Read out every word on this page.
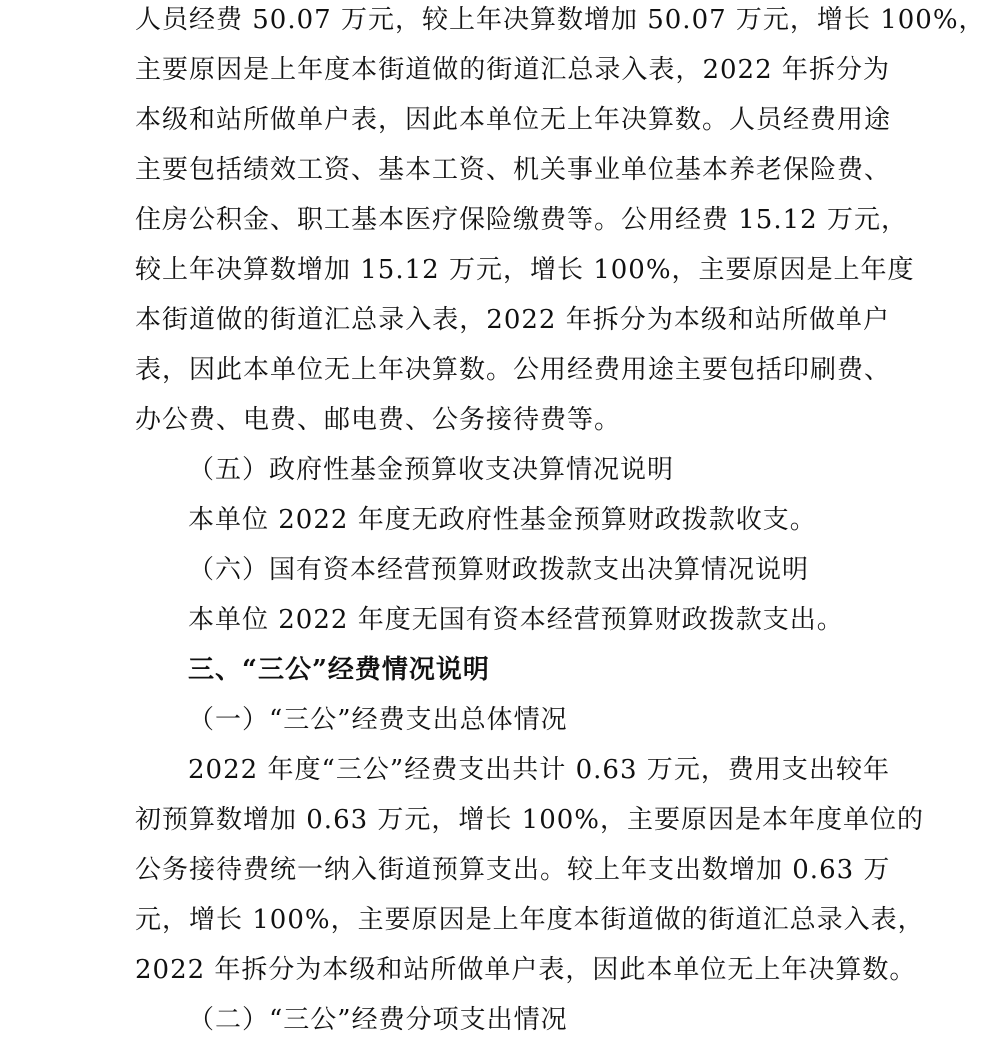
人员经费 50.07 万元，较上年决算数增加 50.07 万元，增长 100%，
主要原因是上年度本街道做的街道汇总录入表，2022 年拆分为
本级和站所做单户表，因此本单位无上年决算数。人员经费用途
主要包括绩效工资、基本工资、机关事业单位基本养老保险费、
住房公积金、职工基本医疗保险缴费等。公用经费 15.12 万元，
较上年决算数增加 15.12 万元，增长 100%，主要原因是上年度
本街道做的街道汇总录入表，2022 年拆分为本级和站所做单户
表，因此本单位无上年决算数。公用经费用途主要包括印刷费、
办公费、电费、邮电费、公务接待费等。
（五）政府性基金预算收支决算情况说明
本单位 2022 年度无政府性基金预算财政拨款收支。
（六）国有资本经营预算财政拨款支出决算情况说明
本单位 2022 年度无国有资本经营预算财政拨款支出。
三、“三公”经费情况说明
（一）“三公”经费支出总体情况
2022 年度“三公”经费支出共计 0.63 万元，费用支出较年
初预算数增加 0.63 万元，增长 100%，主要原因是本年度单位的
公务接待费统一纳入街道预算支出。较上年支出数增加 0.63 万
元，增长 100%，主要原因是上年度本街道做的街道汇总录入表，
2022 年拆分为本级和站所做单户表，因此本单位无上年决算数。
（二）“三公”经费分项支出情况
